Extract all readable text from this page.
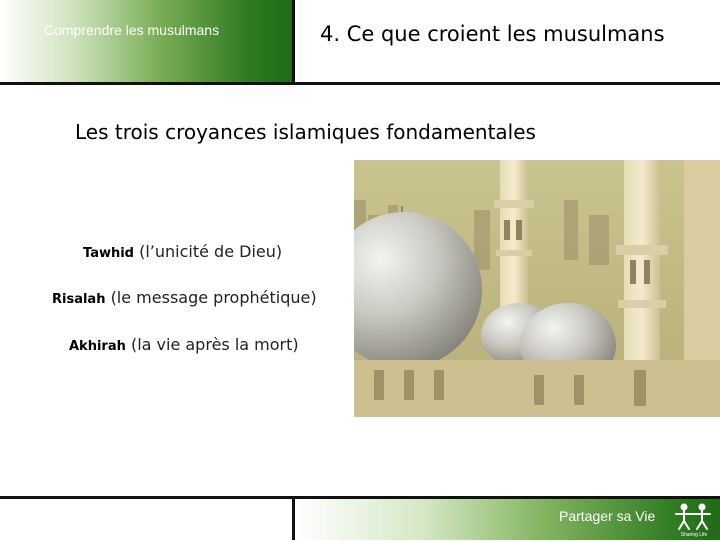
Comprendre les musulmans	4. Ce que croient les musulmans
Les trois croyances islamiques fondamentales
Tawhid (l’unicité de Dieu)
Risalah (le message prophétique)
Akhirah (la vie après la mort)
Partager sa Vie
Sharing Life
